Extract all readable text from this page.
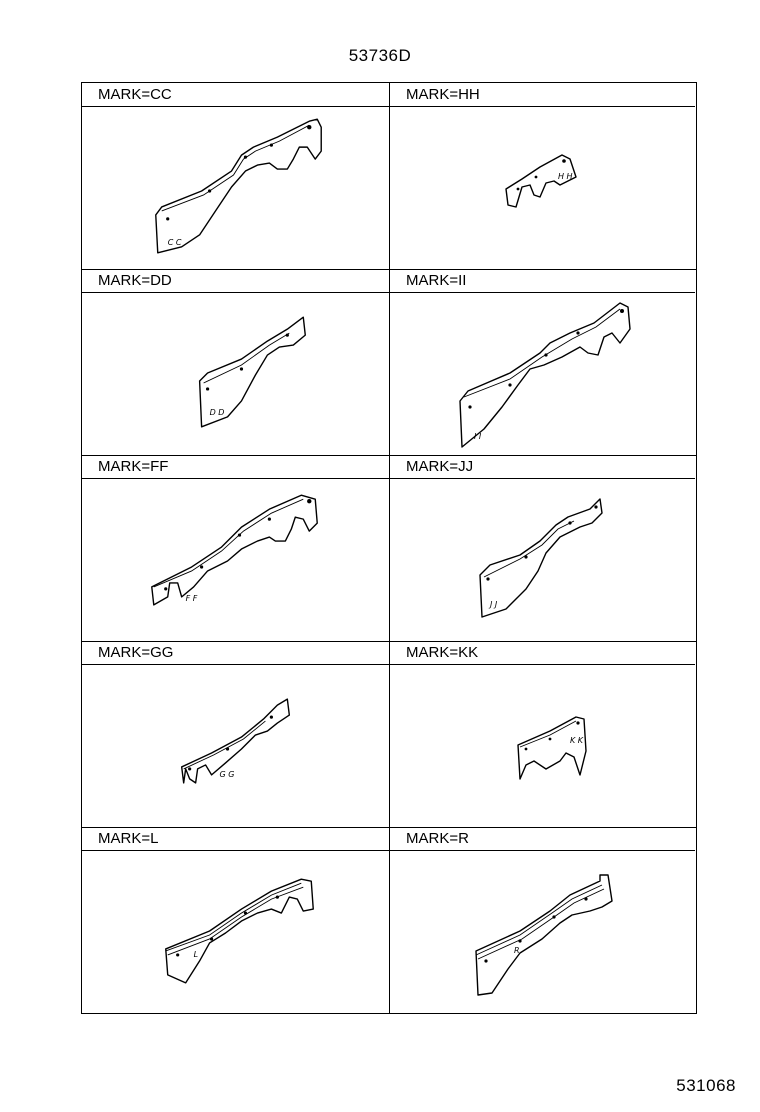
53736D
MARK=CC
C C
MARK=HH
H H
MARK=DD
D D
MARK=II
I I
MARK=FF
F F
MARK=JJ
J J
MARK=GG
G G
MARK=KK
K K
MARK=L
L
MARK=R
R
531068
